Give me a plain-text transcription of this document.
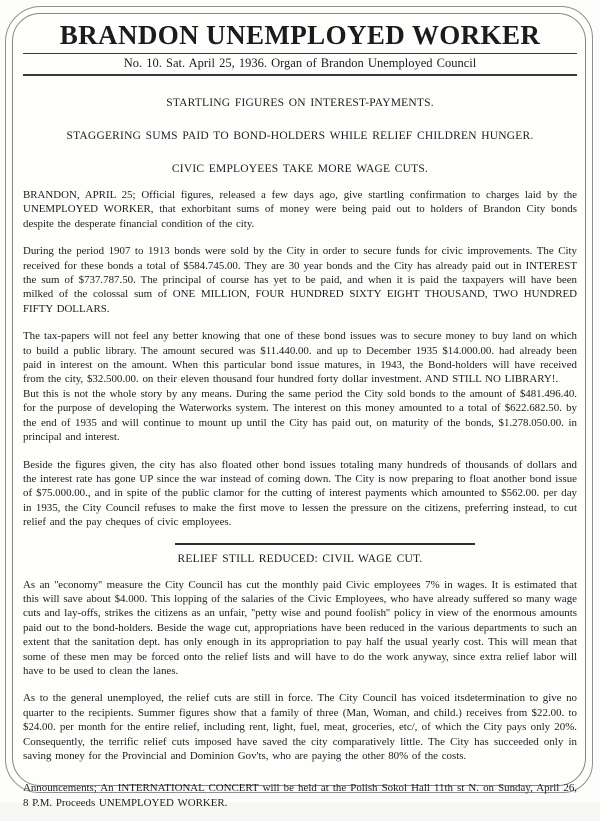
BRANDON UNEMPLOYED WORKER
No. 10. Sat. April 25, 1936. Organ of Brandon Unemployed Council
STARTLING FIGURES ON INTEREST-PAYMENTS.
STAGGERING SUMS PAID TO BOND-HOLDERS WHILE RELIEF CHILDREN HUNGER.
CIVIC EMPLOYEES TAKE MORE WAGE CUTS.

BRANDON, APRIL 25; Official figures, released a few days ago, give startling confirmation to charges laid by the UNEMPLOYED WORKER, that exhorbitant sums of money were being paid out to holders of Brandon City bonds despite the desperate financial condition of the city.

During the period 1907 to 1913 bonds were sold by the City in order to secure funds for civic improvements. The City received for these bonds a total of $584.745.00. They are 30 year bonds and the City has already paid out in INTEREST the sum of $737.787.50. The principal of course has yet to be paid, and when it is paid the taxpayers will have been milked of the colossal sum of ONE MILLION, FOUR HUNDRED SIXTY EIGHT THOUSAND, TWO HUNDRED FIFTY DOLLARS.

The tax-papers will not feel any better knowing that one of these bond issues was to secure money to buy land on which to build a public library. The amount secured was $11.440.00. and up to December 1935 $14.000.00. had already been paid in interest on the amount. When this particular bond issue matures, in 1943, the Bond-holders will have received from the city, $32.500.00. on their eleven thousand four hundred forty dollar investment. AND STILL NO LIBRARY!.

But this is not the whole story by any means. During the same period the City sold bonds to the amount of $481.496.40. for the purpose of developing the Waterworks system. The interest on this money amounted to a total of $622.682.50. by the end of 1935 and will continue to mount up until the City has paid out, on maturity of the bonds, $1.278.050.00. in principal and interest.

Beside the figures given, the city has also floated other bond issues totaling many hundreds of thousands of dollars and the interest rate has gone UP since the war instead of coming down. The City is now preparing to float another bond issue of $75.000.00., and in spite of the public clamor for the cutting of interest payments which amounted to $562.00. per day in 1935, the City Council refuses to make the first move to lessen the pressure on the citizens, preferring instead, to cut relief and the pay cheques of civic employees.

RELIEF STILL REDUCED: CIVIL WAGE CUT.

As an ''economy'' measure the City Council has cut the monthly paid Civic employees 7% in wages. It is estimated that this will save about $4.000. This lopping of the salaries of the Civic Employees, who have already suffered so many wage cuts and lay-offs, strikes the citizens as an unfair, ''petty wise and pound foolish'' policy in view of the enormous amounts paid out to the bond-holders. Beside the wage cut, appropriations have been reduced in the various departments to such an extent that the sanitation dept. has only enough in its appropriation to pay half the usual yearly cost. This will mean that some of these men may be forced onto the relief lists and will have to do the work anyway, since extra relief labor will have to be used to clean the lanes.

As to the general unemployed, the relief cuts are still in force. The City Council has voiced itsdetermination to give no quarter to the recipients. Summer figures show that a family of three (Man, Woman, and child.) receives from $22.00. to $24.00. per month for the entire relief, including rent, light, fuel, meat, groceries, etc/, of which the City pays only 20%. Consequently, the terrific relief cuts imposed have saved the city comparatively little. The City has succeeded only in saving money for the Provincial and Dominion Gov'ts, who are paying the other 80% of the costs.

Announcements; An INTERNATIONAL CONCERT will be held at the Polish Sokol Hall 11th st N. on Sunday, April 26, 8 P.M. Proceeds UNEMPLOYED WORKER.
